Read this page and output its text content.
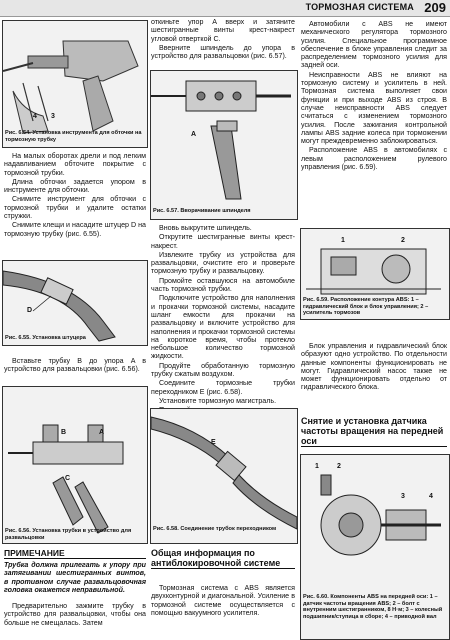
ТОРМОЗНАЯ СИСТЕМА 209
4 3
Рис. 6.54. Установка инструмента для обточки на тормозную трубку

На малых оборотах дрели и под легким надавливанием обточите покрытие с тормозной трубки.

Длина обточки задается упором в инструменте для обточки.

Снимите инструмент для обточки с тормозной трубки и удалите остатки стружки.

Снимите клещи и насадите штуцер D на тормозную трубку (рис. 6.55).

D
Рис. 6.55. Установка штуцера

Вставьте трубку B до упора A в устройство для развальцовки (рис. 6.56).

B	A
C
Рис. 6.56. Установка трубки в устройство для развальцовки
ПРИМЕЧАНИЕ
Трубка должна прилегать к упору при затягивании шестигранных винтов, в противном случае развальцовочная головка окажется неправильной.

Предварительно зажмите трубку в устройство для развальцовки, чтобы она больше не смещалась. Затем

откиньте упор A вверх и затяните шестигранные винты крест-накрест угловой отверткой C.

Вверните шпиндель до упора в устройство для развальцовки (рис. 6.57).

A
Рис. 6.57. Вворачивание шпинделя

Вновь выкрутите шпиндель.

Открутите шестигранные винты крест-накрест.

Извлеките трубку из устройства для развальцовки, очистите его и проверьте тормозную трубку и развальцовку.

Промойте оставшуюся на автомобиле часть тормозной трубки.

Подключите устройство для наполнения и прокачки тормозной системы, насадите шланг емкости для прокачки на развальцовку и включите устройство для наполнения и прокачки тормозной системы на короткое время, чтобы протекло небольшое количество тормозной жидкости.

Продуйте обработанную тормозную трубку сжатым воздухом.

Соедините тормозные трубки переходником E (рис. 6.58).

Установите тормозную магистраль.

E
Рис. 6.58. Соединение трубок переходником
Общая информация по антиблокировочной системе

Тормозная система с ABS является двухконтурной и диагональной. Усиление в тормозной системе осуществляется с помощью вакуумного усилителя.

Автомобили с ABS не имеют механического регулятора тормозного усилия. Специальное программное обеспечение в блоке управления следит за распределением тормозного усилия для задней оси.

Неисправности ABS не влияют на тормозную систему и усилитель в ней. Тормозная система выполняет свои функции и при выходе ABS из строя. В случае неисправности ABS следует считаться с изменением тормозного усилия. После зажигания контрольной лампы ABS задние колеса при торможении могут преждевременно заблокироваться.

Расположение ABS в автомобилях с левым расположением рулевого управления (рис. 6.59).

1	2
Рис. 6.59. Расположение контура ABS: 1 – гидравлический блок и блок управления; 2 – усилитель тормозов

Блок управления и гидравлический блок образуют одно устройство. По отдельности данные компоненты функционировать не могут. Гидравлический насос также не может функционировать отдельно от гидравлического блока.

Снятие и установка датчика частоты вращения на передней оси
1	2
3	4
Рис. 6.60. Компоненты ABS на передней оси: 1 – датчик частоты вращения ABS; 2 – болт с внутренним шестигранником, 8 Н·м; 3 – колесный подшипник/ступица в сборе; 4 – приводной вал
